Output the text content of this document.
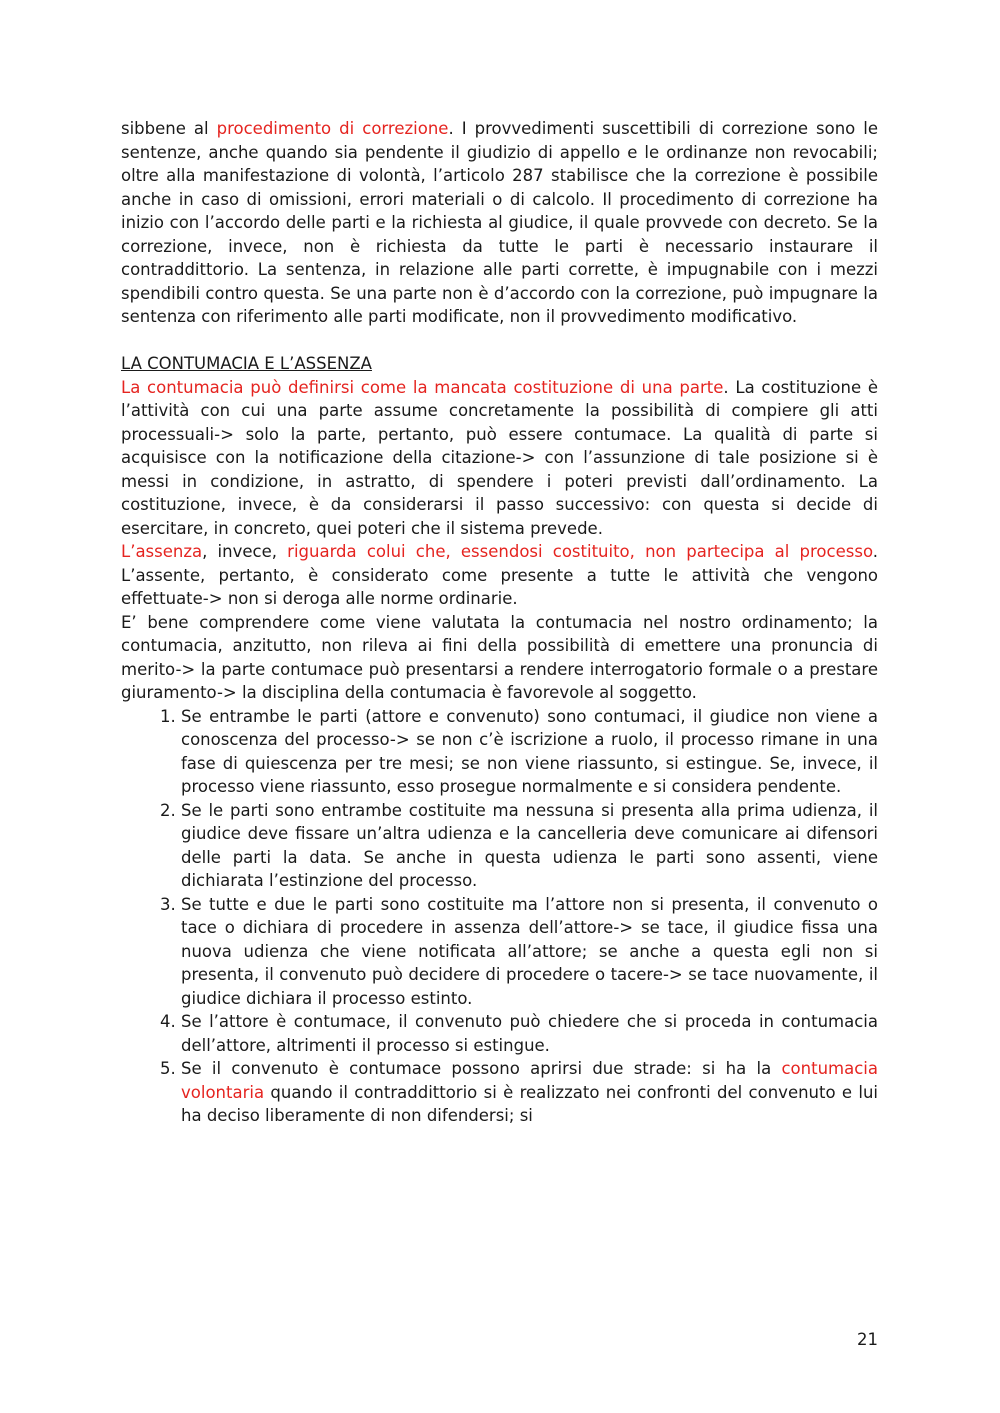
sibbene al procedimento di correzione. I provvedimenti suscettibili di correzione sono le sentenze, anche quando sia pendente il giudizio di appello e le ordinanze non revocabili; oltre alla manifestazione di volontà, l’articolo 287 stabilisce che la correzione è possibile anche in caso di omissioni, errori materiali o di calcolo. Il procedimento di correzione ha inizio con l’accordo delle parti e la richiesta al giudice, il quale provvede con decreto. Se la correzione, invece, non è richiesta da tutte le parti è necessario instaurare il contraddittorio. La sentenza, in relazione alle parti corrette, è impugnabile con i mezzi spendibili contro questa. Se una parte non è d’accordo con la correzione, può impugnare la sentenza con riferimento alle parti modificate, non il provvedimento modificativo.

LA CONTUMACIA E L’ASSENZA

La contumacia può definirsi come la mancata costituzione di una parte. La costituzione è l’attività con cui una parte assume concretamente la possibilità di compiere gli atti processuali-> solo la parte, pertanto, può essere contumace. La qualità di parte si acquisisce con la notificazione della citazione-> con l’assunzione di tale posizione si è messi in condizione, in astratto, di spendere i poteri previsti dall’ordinamento. La costituzione, invece, è da considerarsi il passo successivo: con questa si decide di esercitare, in concreto, quei poteri che il sistema prevede.

L’assenza, invece, riguarda colui che, essendosi costituito, non partecipa al processo. L’assente, pertanto, è considerato come presente a tutte le attività che vengono effettuate-> non si deroga alle norme ordinarie.

E’ bene comprendere come viene valutata la contumacia nel nostro ordinamento; la contumacia, anzitutto, non rileva ai fini della possibilità di emettere una pronuncia di merito-> la parte contumace può presentarsi a rendere interrogatorio formale o a prestare giuramento-> la disciplina della contumacia è favorevole al soggetto.

1. Se entrambe le parti (attore e convenuto) sono contumaci, il giudice non viene a conoscenza del processo-> se non c’è iscrizione a ruolo, il processo rimane in una fase di quiescenza per tre mesi; se non viene riassunto, si estingue. Se, invece, il processo viene riassunto, esso prosegue normalmente e si considera pendente.
2. Se le parti sono entrambe costituite ma nessuna si presenta alla prima udienza, il giudice deve fissare un’altra udienza e la cancelleria deve comunicare ai difensori delle parti la data. Se anche in questa udienza le parti sono assenti, viene dichiarata l’estinzione del processo.
3. Se tutte e due le parti sono costituite ma l’attore non si presenta, il convenuto o tace o dichiara di procedere in assenza dell’attore-> se tace, il giudice fissa una nuova udienza che viene notificata all’attore; se anche a questa egli non si presenta, il convenuto può decidere di procedere o tacere-> se tace nuovamente, il giudice dichiara il processo estinto.
4. Se l’attore è contumace, il convenuto può chiedere che si proceda in contumacia dell’attore, altrimenti il processo si estingue.
5. Se il convenuto è contumace possono aprirsi due strade: si ha la contumacia volontaria quando il contraddittorio si è realizzato nei confronti del convenuto e lui ha deciso liberamente di non difendersi; si
21
